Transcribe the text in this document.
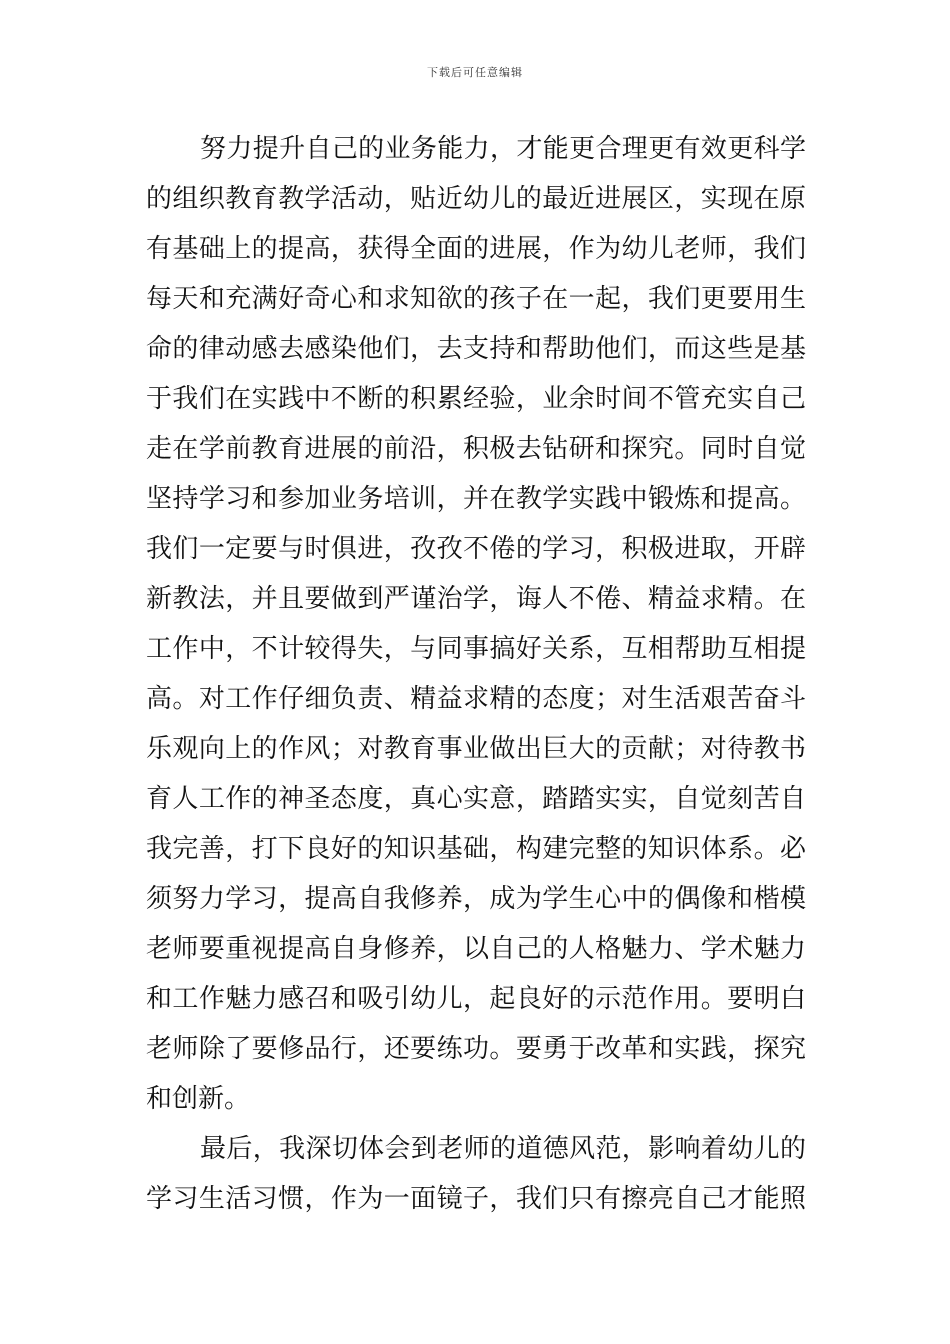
下载后可任意编辑
努力提升自己的业务能力，才能更合理更有效更科学
的组织教育教学活动，贴近幼儿的最近进展区，实现在原
有基础上的提高，获得全面的进展，作为幼儿老师，我们
每天和充满好奇心和求知欲的孩子在一起，我们更要用生
命的律动感去感染他们，去支持和帮助他们，而这些是基
于我们在实践中不断的积累经验，业余时间不管充实自己
走在学前教育进展的前沿，积极去钻研和探究。同时自觉
坚持学习和参加业务培训，并在教学实践中锻炼和提高。
我们一定要与时俱进，孜孜不倦的学习，积极进取，开辟
新教法，并且要做到严谨治学，诲人不倦、精益求精。在
工作中，不计较得失，与同事搞好关系，互相帮助互相提
高。对工作仔细负责、精益求精的态度；对生活艰苦奋斗
乐观向上的作风；对教育事业做出巨大的贡献；对待教书
育人工作的神圣态度，真心实意，踏踏实实，自觉刻苦自
我完善，打下良好的知识基础，构建完整的知识体系。必
须努力学习，提高自我修养，成为学生心中的偶像和楷模
老师要重视提高自身修养，以自己的人格魅力、学术魅力
和工作魅力感召和吸引幼儿，起良好的示范作用。要明白
老师除了要修品行，还要练功。要勇于改革和实践，探究
和创新。
最后，我深切体会到老师的道德风范，影响着幼儿的
学习生活习惯，作为一面镜子，我们只有擦亮自己才能照
